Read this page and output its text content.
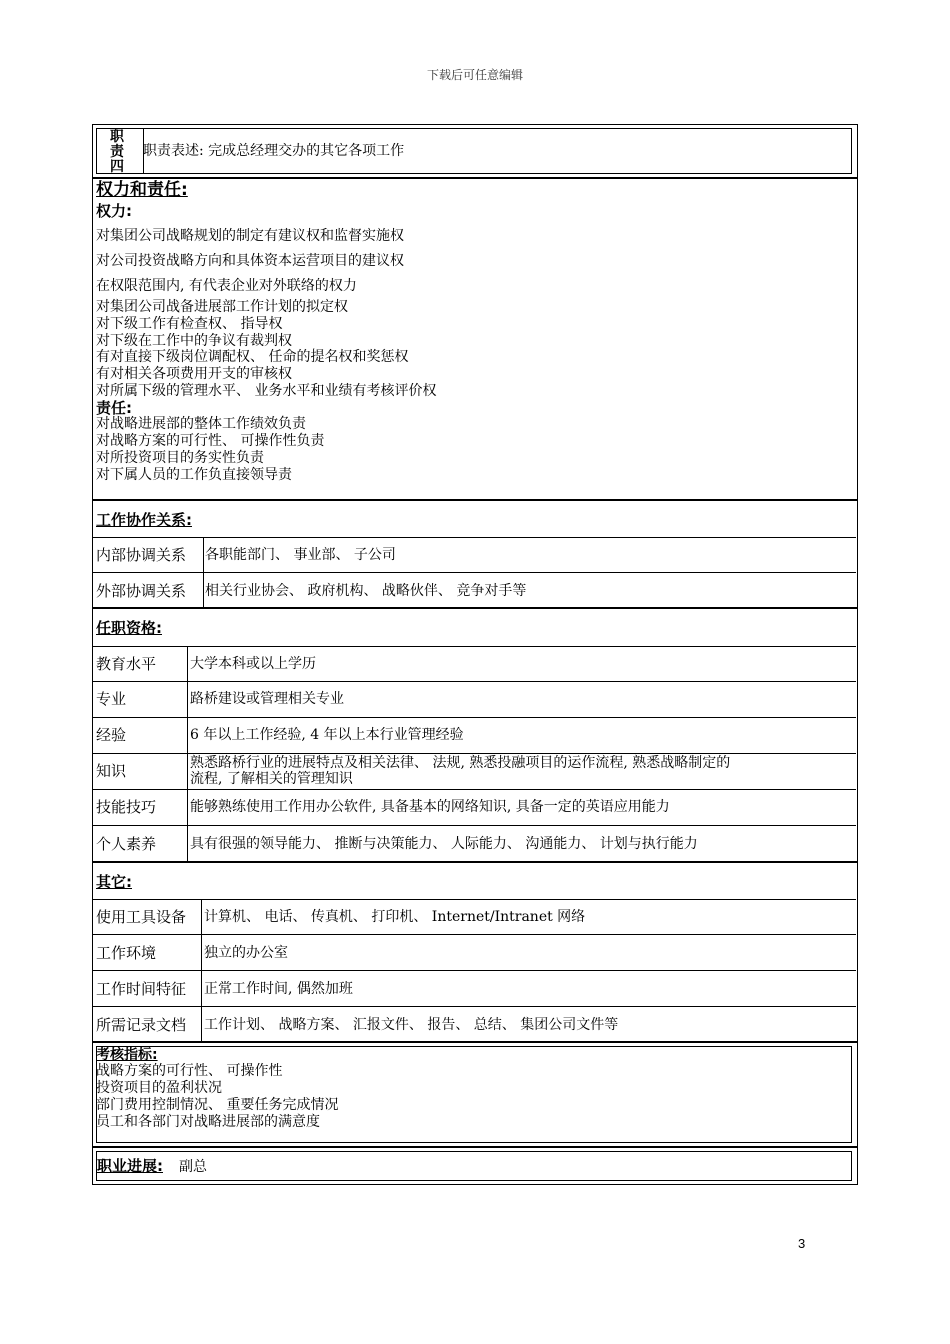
下载后可任意编辑
职
责
四
职责表述: 完成总经理交办的其它各项工作
权力和责任:
权力:
对集团公司战略规划的制定有建议权和监督实施权
对公司投资战略方向和具体资本运营项目的建议权
在权限范围内, 有代表企业对外联络的权力
对集团公司战备进展部工作计划的拟定权
对下级工作有检查权、 指导权
对下级在工作中的争议有裁判权
有对直接下级岗位调配权、 任命的提名权和奖惩权
有对相关各项费用开支的审核权
对所属下级的管理水平、 业务水平和业绩有考核评价权
责任:
对战略进展部的整体工作绩效负责
对战略方案的可行性、 可操作性负责
对所投资项目的务实性负责
对下属人员的工作负直接领导责
工作协作关系:
内部协调关系 各职能部门、 事业部、 子公司
外部协调关系 相关行业协会、 政府机构、 战略伙伴、 竞争对手等
任职资格:
教育水平 大学本科或以上学历
专业	路桥建设或管理相关专业
经验	6 年以上工作经验, 4 年以上本行业管理经验
知识	熟悉路桥行业的进展特点及相关法律、 法规, 熟悉投融项目的运作流程, 熟悉战略制定的
流程, 了解相关的管理知识
技能技巧 能够熟练使用工作用办公软件, 具备基本的网络知识, 具备一定的英语应用能力
个人素养 具有很强的领导能力、 推断与决策能力、 人际能力、 沟通能力、 计划与执行能力
其它:
使用工具设备 计算机、 电话、 传真机、 打印机、 Internet/Intranet 网络
工作环境	独立的办公室
工作时间特征 正常工作时间, 偶然加班
所需记录文档 工作计划、 战略方案、 汇报文件、 报告、 总结、 集团公司文件等
考核指标:
战略方案的可行性、 可操作性
投资项目的盈利状况
部门费用控制情况、 重要任务完成情况
员工和各部门对战略进展部的满意度
职业进展: 副总
3
